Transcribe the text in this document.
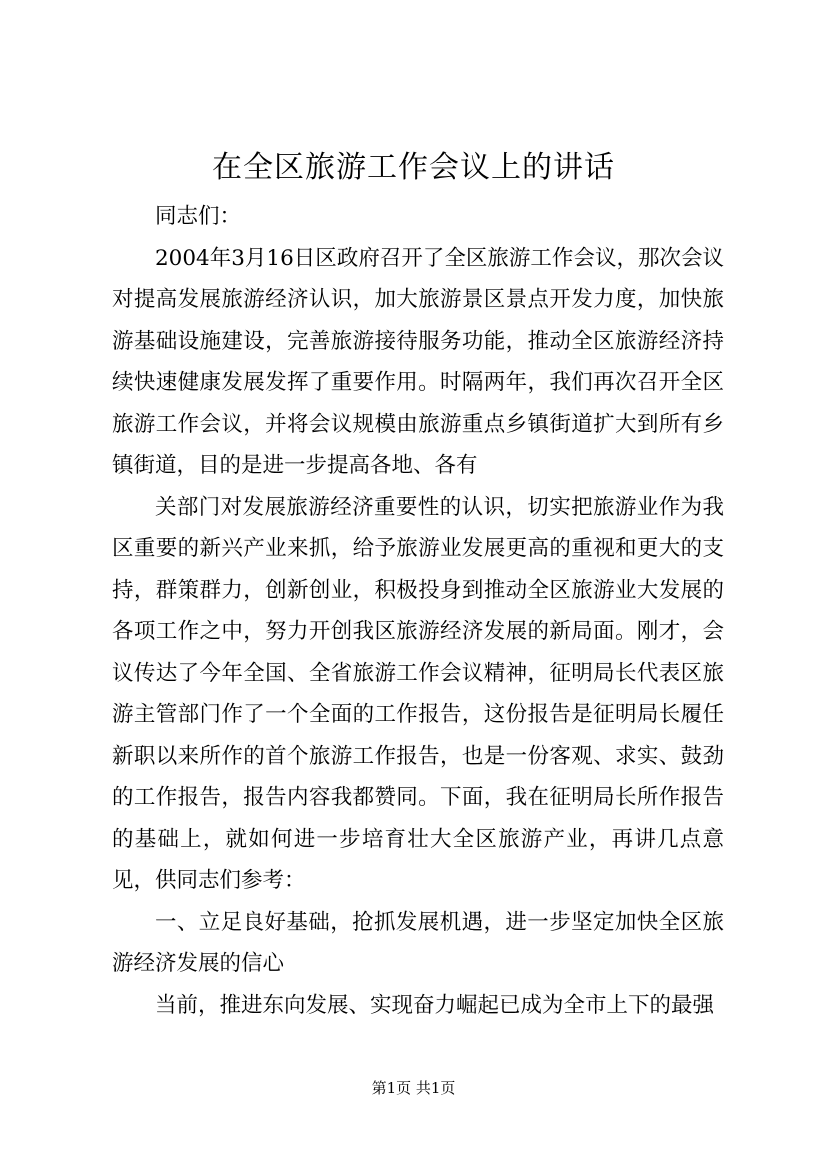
在全区旅游工作会议上的讲话

同志们：

2004年3月16日区政府召开了全区旅游工作会议，那次会议对提高发展旅游经济认识，加大旅游景区景点开发力度，加快旅游基础设施建设，完善旅游接待服务功能，推动全区旅游经济持续快速健康发展发挥了重要作用。时隔两年，我们再次召开全区旅游工作会议，并将会议规模由旅游重点乡镇街道扩大到所有乡镇街道，目的是进一步提高各地、各有

关部门对发展旅游经济重要性的认识，切实把旅游业作为我区重要的新兴产业来抓，给予旅游业发展更高的重视和更大的支持，群策群力，创新创业，积极投身到推动全区旅游业大发展的各项工作之中，努力开创我区旅游经济发展的新局面。刚才，会议传达了今年全国、全省旅游工作会议精神，征明局长代表区旅游主管部门作了一个全面的工作报告，这份报告是征明局长履任新职以来所作的首个旅游工作报告，也是一份客观、求实、鼓劲的工作报告，报告内容我都赞同。下面，我在征明局长所作报告的基础上，就如何进一步培育壮大全区旅游产业，再讲几点意见，供同志们参考：

一、立足良好基础，抢抓发展机遇，进一步坚定加快全区旅游经济发展的信心

当前，推进东向发展、实现奋力崛起已成为全市上下的最强

第1页 共1页
